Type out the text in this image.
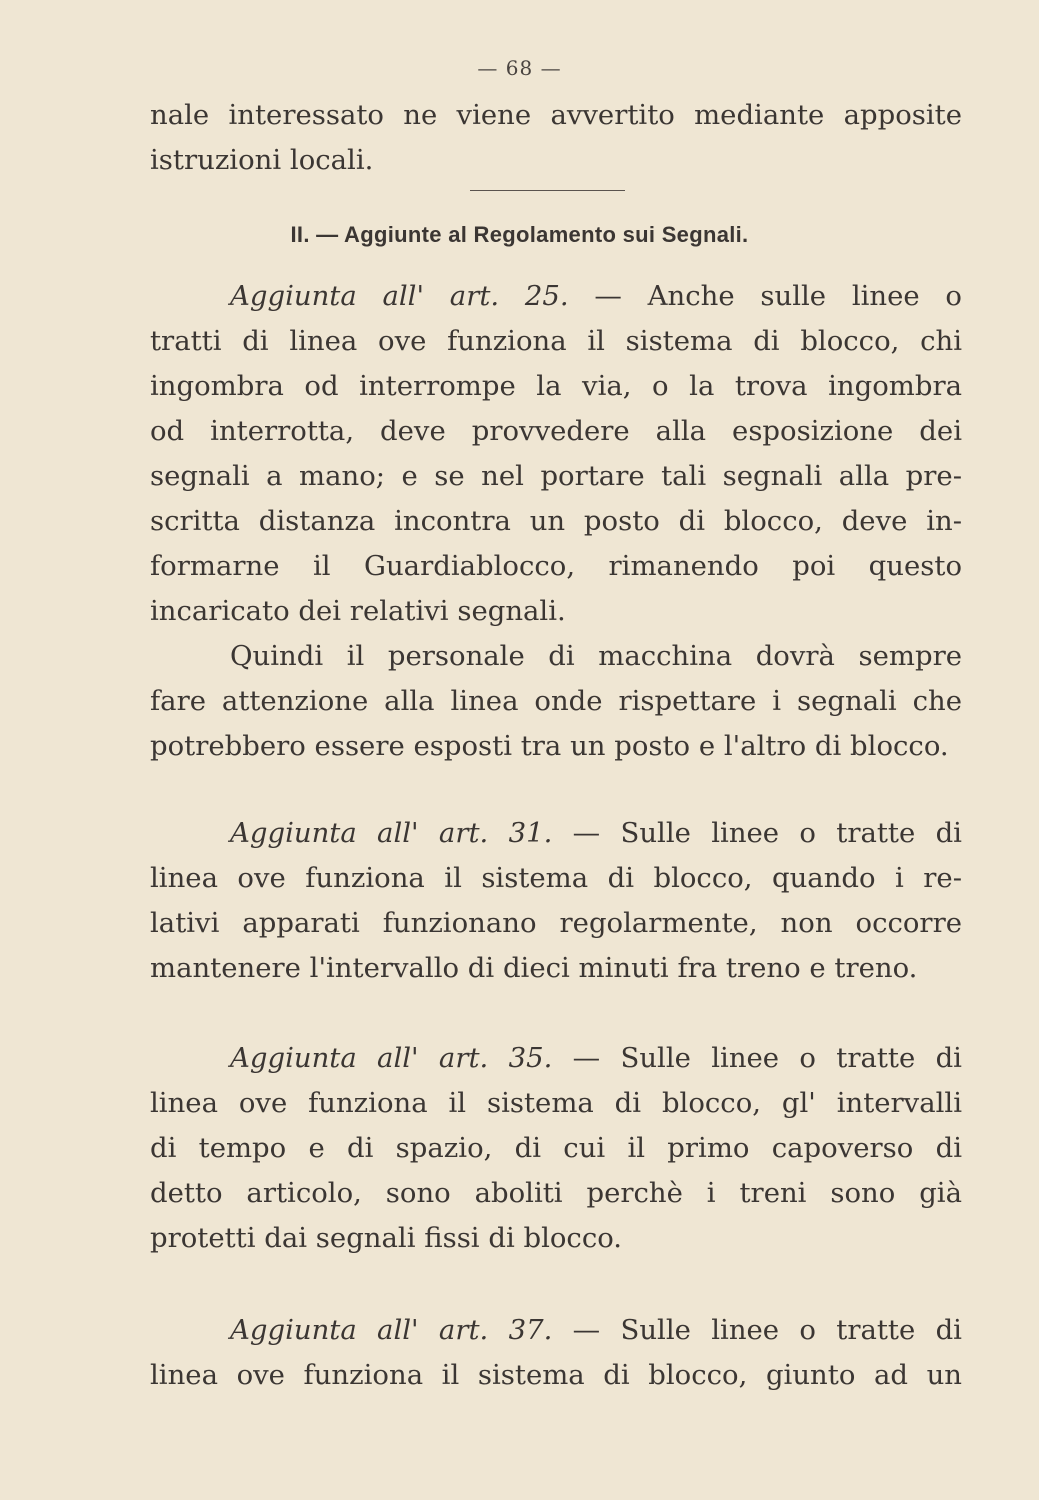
— 68 —
nale interessato ne viene avvertito mediante apposite
istruzioni locali.
II. — Aggiunte al Regolamento sui Segnali.
Aggiunta all' art. 25. — Anche sulle linee o
tratti di linea ove funziona il sistema di blocco, chi
ingombra od interrompe la via, o la trova ingombra
od interrotta, deve provvedere alla esposizione dei
segnali a mano; e se nel portare tali segnali alla pre-
scritta distanza incontra un posto di blocco, deve in-
formarne il Guardiablocco, rimanendo poi questo
incaricato dei relativi segnali.
Quindi il personale di macchina dovrà sempre
fare attenzione alla linea onde rispettare i segnali che
potrebbero essere esposti tra un posto e l'altro di blocco.
Aggiunta all' art. 31. — Sulle linee o tratte di
linea ove funziona il sistema di blocco, quando i re-
lativi apparati funzionano regolarmente, non occorre
mantenere l'intervallo di dieci minuti fra treno e treno.
Aggiunta all' art. 35. — Sulle linee o tratte di
linea ove funziona il sistema di blocco, gl' intervalli
di tempo e di spazio, di cui il primo capoverso di
detto articolo, sono aboliti perchè i treni sono già
protetti dai segnali fissi di blocco.
Aggiunta all' art. 37. — Sulle linee o tratte di
linea ove funziona il sistema di blocco, giunto ad un
